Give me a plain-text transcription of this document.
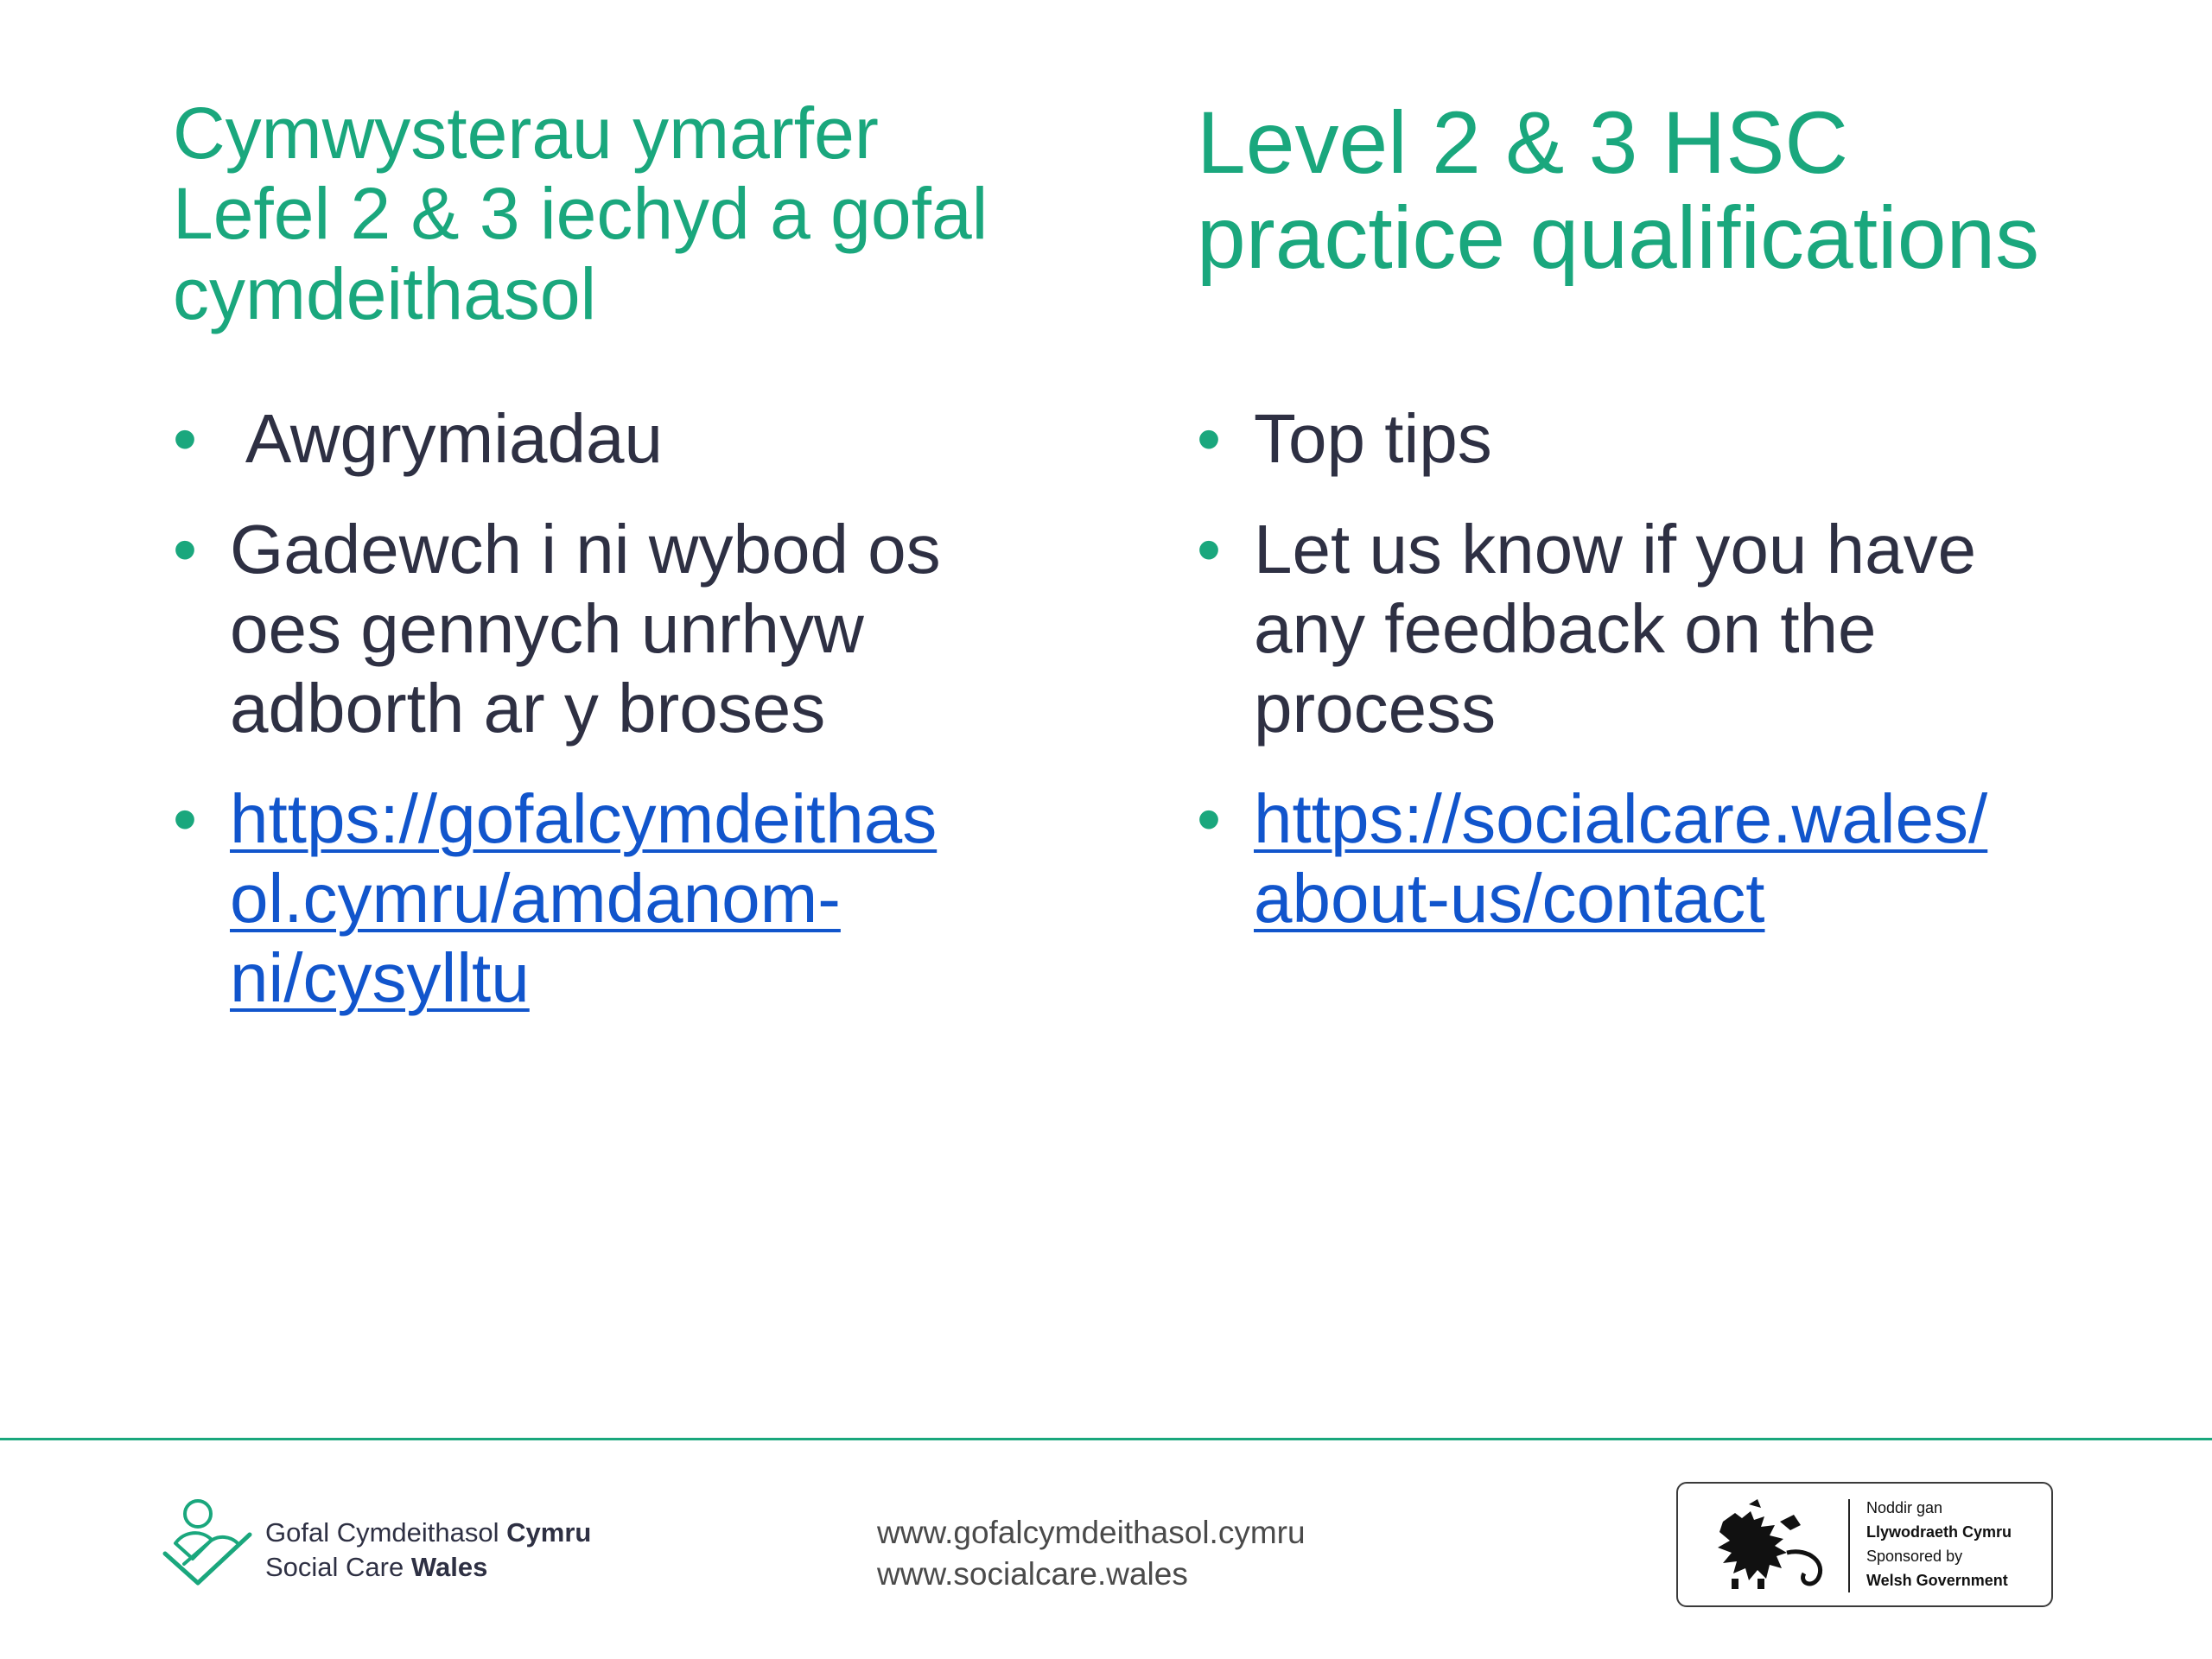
Cymwysterau ymarfer
Lefel 2 & 3 iechyd a gofal
cymdeithasol
• Awgrymiadau
• Gadewch i ni wybod os
oes gennych unrhyw
adborth ar y broses
• https://gofalcymdeithas
ol.cymru/amdanom-
ni/cysylltu
Level 2 & 3 HSC
practice qualifications
• Top tips
• Let us know if you have
any feedback on the
process
• https://socialcare.wales/
about-us/contact
Gofal Cymdeithasol Cymru
Social Care Wales
www.gofalcymdeithasol.cymru
www.socialcare.wales
Noddir gan
Llywodraeth Cymru
Sponsored by
Welsh Government
